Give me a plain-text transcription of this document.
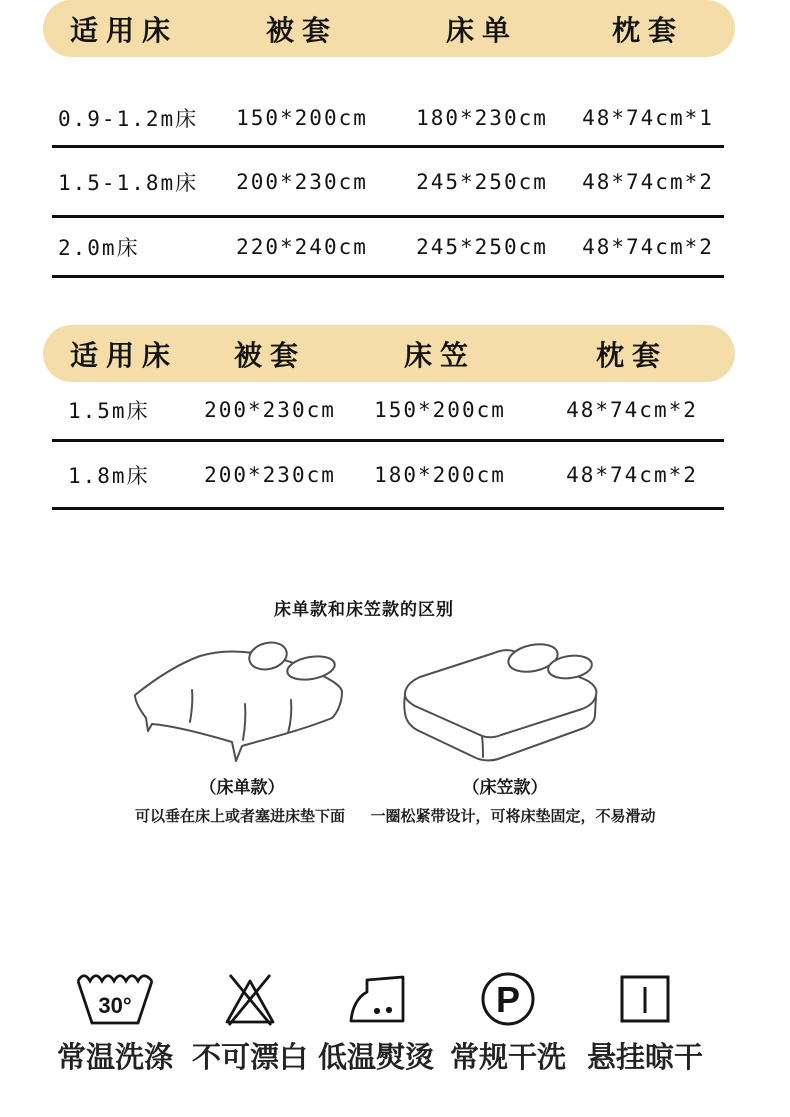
适用床	被套	床单	枕套
0.9-1.2m床	150*200cm	180*230cm	48*74cm*1
1.5-1.8m床	200*230cm	245*250cm	48*74cm*2
2.0m床	220*240cm	245*250cm	48*74cm*2
适用床	被套	床笠	枕套
1.5m床	200*230cm	150*200cm	48*74cm*2
1.8m床	200*230cm	180*200cm	48*74cm*2
床单款和床笠款的区别
（床单款）	（床笠款）
可以垂在床上或者塞进床垫下面	一圈松紧带设计，可将床垫固定，不易滑动
30°
常温洗涤 不可漂白 低温熨烫
P
常规干洗 悬挂晾干
